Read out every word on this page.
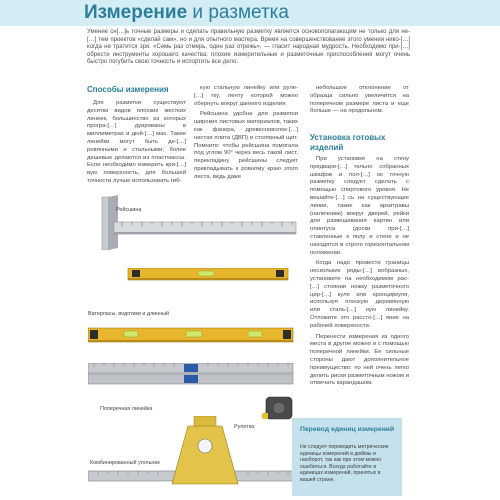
Измерение и разметка
Умение сн[…]ь точные размеры и сделать правильную разметку является основополагающим не только для не-[…] тем проектов «сделай сам», но и для опытного мастера. Время на совершенствование этого умения нико-[…] когда не тратится зря. «Семь раз отмерь, один раз отрежь», — гласит народная мудрость. Необходимо при-[…] обрести инструменты хорошего качества: плохие измерительные и разметочные приспособления могут очень быстро погубить свою точность и испортить все дело.
Способы измерения

Для разметки существуют десятки видов плоских жестких линеек, большинство из которых програ-[…] дуированы в миллиметрах и дюй-[…] мах. Такие линейки могут быть де-[…] ревянными и стальными; более дешевые делаются из пластмассы. Если необходимо измерить кри-[…] вую поверхность, для большей точности лучше использовать гиб-

кую стальную линейку или руле-[…] тку, ленту которой можно обернуть вокруг данного изделия.

Рейсшина удобна для разметки широких листовых материалов, таких как фанера, древесноволок-[…] нистая плита (ДВП) и столярный щит. Помните: чтобы рейсшина помогала под углом 90° через весь такой лист, перекладину рейсшины следует прикладывать к ровному краю этого листа, ведь даже

небольшое отклонение от образца сильно увеличится на поперечном размере листа и еще больше — на продольном.

Установка готовых изделий

При установке на стену предвари-[…] тельно собранных шкафов и пол-[…] ок точную разметку следует сделать с помощью спиртового уровня. Не вешайте-[…] сь на существующие линии, такие как архитравы (наличники) вокруг дверей, рейки для развешивания картин или плинтуса (доски при-[…] ставленные к полу и стене и не находятся в строго горизонтальном положении.

Когда надо провести границы нескольких ряды-[…] вобразных, установите на необходимом рас-[…] стоянии ножку разметочного цир-[…] куля или кронциркуля, используя плоскую деревянную или сталь-[…] ную линейку. Отложите это рассто-[…] яние на рабочей поверхности.

Перенести измерения из одного места в другое можно и с помощью поперечной линейки. Ее сильные стороны дают дополнительное преимущество: по ней очень легко делить риски разметочным ножом и отмечать карандашом.

Рейсшина
Ватерпасы, водотики и длинный
Поперечная линейка
Рулетка
Комбинированный угольник
Перевод единиц измерений
Не следует переводить метрические единицы измерений в дюймы и наоборот, так как при этом можно ошибиться. Всегда работайте в единицах измерений, принятых в вашей стране.
